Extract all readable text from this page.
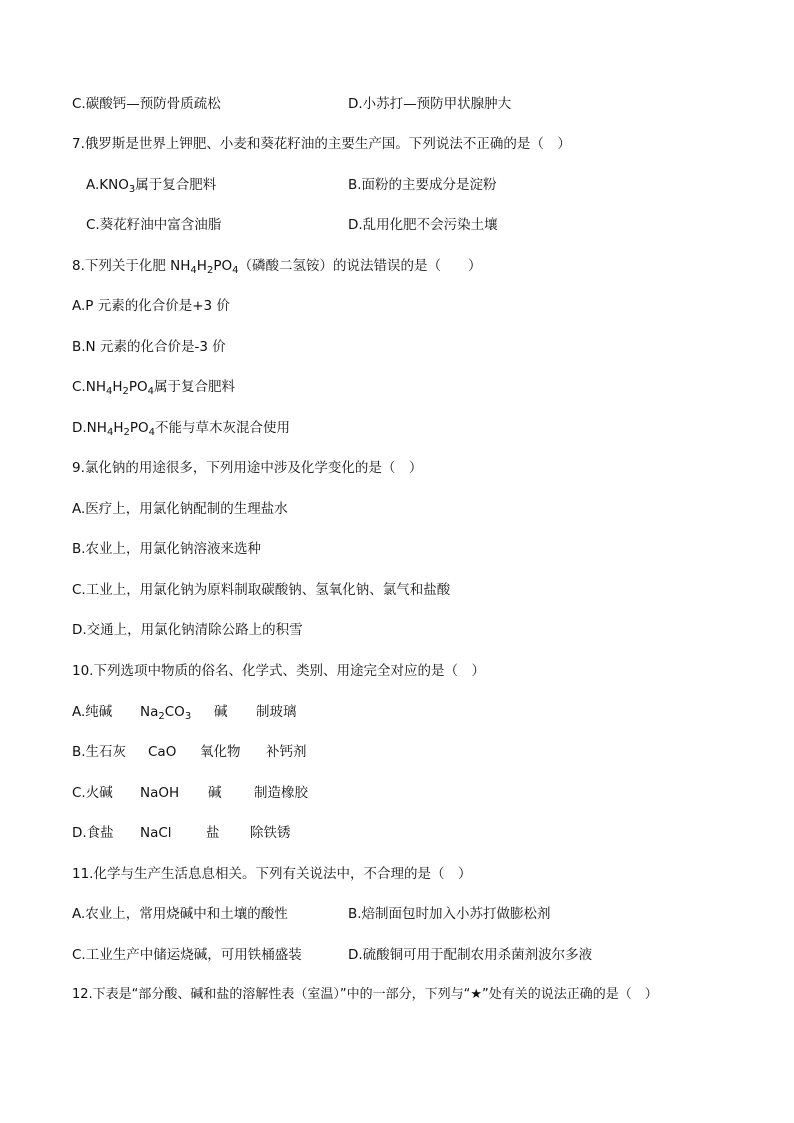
C.碳酸钙—预防骨质疏松	D.小苏打—预防甲状腺肿大
7.俄罗斯是世界上钾肥、小麦和葵花籽油的主要生产国。下列说法不正确的是（　）
$A.KNO_3$属于复合肥料	B.面粉的主要成分是淀粉
C.葵花籽油中富含油脂	D.乱用化肥不会污染土壤
8.下列关于化肥 $NH_4H_2PO_4$（磷酸二氢铵）的说法错误的是（　　）
A.P 元素的化合价是+3 价
B.N 元素的化合价是-3 价
$C.NH_4H_2PO_4$属于复合肥料
$D.NH_4H_2PO_4$不能与草木灰混合使用
9.氯化钠的用途很多，下列用途中涉及化学变化的是（　）
A.医疗上，用氯化钠配制的生理盐水
B.农业上，用氯化钠溶液来选种
C.工业上，用氯化钠为原料制取碳酸钠、氢氧化钠、氯气和盐酸
D.交通上，用氯化钠清除公路上的积雪
10.下列选项中物质的俗名、化学式、类别、用途完全对应的是（　）
A.纯碱 $Na_2CO_3$ 碱 制玻璃
B.生石灰 CaO 氧化物 补钙剂
C.火碱 NaOH 碱 制造橡胶
D.食盐 NaCl	盐 除铁锈
11.化学与生产生活息息相关。下列有关说法中，不合理的是（　）
A.农业上，常用烧碱中和土壤的酸性	B.焙制面包时加入小苏打做膨松剂
C.工业生产中储运烧碱，可用铁桶盛装	D.硫酸铜可用于配制农用杀菌剂波尔多液
12.下表是“部分酸、碱和盐的溶解性表（室温）”中的一部分，下列与“★”处有关的说法正确的是（　）
